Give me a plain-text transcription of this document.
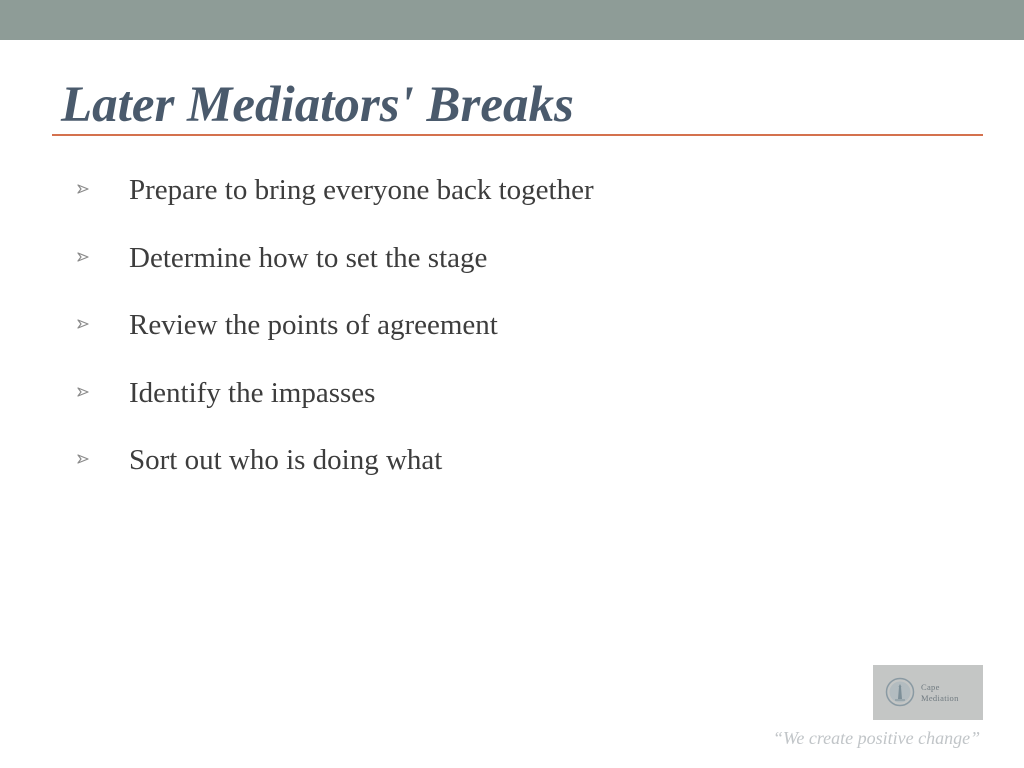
Later Mediators' Breaks
Prepare to bring everyone back together
Determine how to set the stage
Review the points of agreement
Identify the impasses
Sort out who is doing what
Cape
Mediation
“We create positive change”
